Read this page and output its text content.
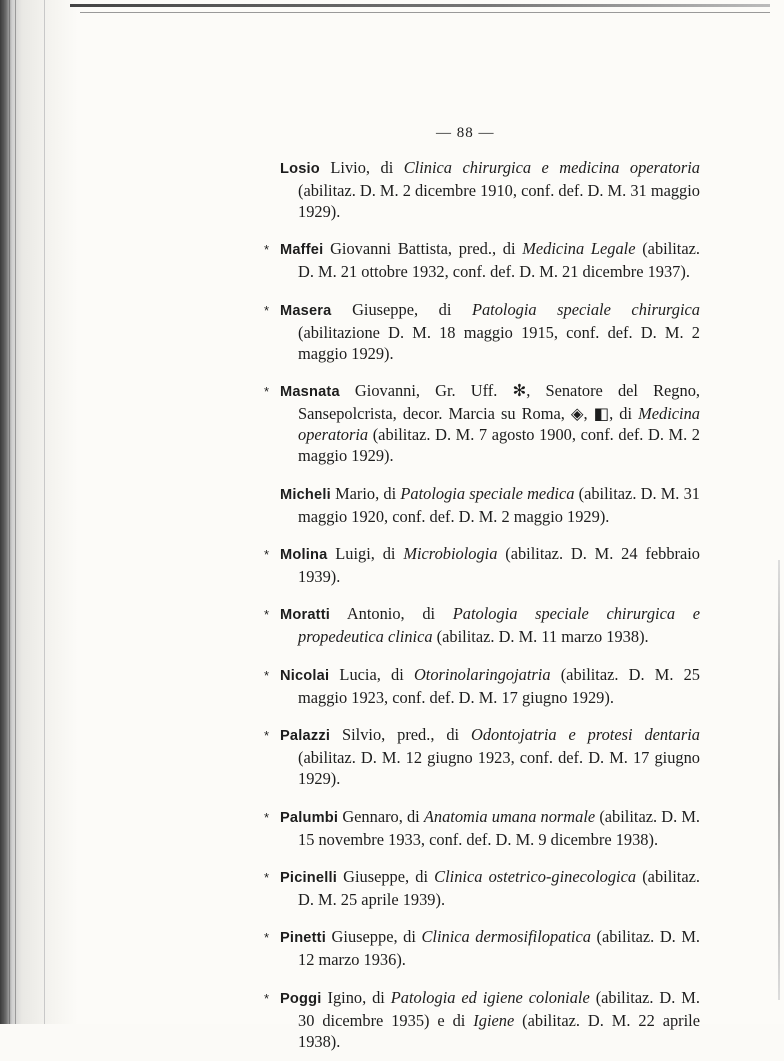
— 88 —

Losio Livio, di Clinica chirurgica e medicina operatoria (abilitaz. D. M. 2 dicembre 1910, conf. def. D. M. 31 maggio 1929).

* Maffei Giovanni Battista, pred., di Medicina Legale (abilitaz. D. M. 21 ottobre 1932, conf. def. D. M. 21 dicembre 1937).

* Masera Giuseppe, di Patologia speciale chirurgica (abilitazione D. M. 18 maggio 1915, conf. def. D. M. 2 maggio 1929).

* Masnata Giovanni, Gr. Uff. ✻, Senatore del Regno, Sansepolcrista, decor. Marcia su Roma, ◈, ◧, di Medicina operatoria (abilitaz. D. M. 7 agosto 1900, conf. def. D. M. 2 maggio 1929).

Micheli Mario, di Patologia speciale medica (abilitaz. D. M. 31 maggio 1920, conf. def. D. M. 2 maggio 1929).

* Molina Luigi, di Microbiologia (abilitaz. D. M. 24 febbraio 1939).

* Moratti Antonio, di Patologia speciale chirurgica e propedeutica clinica (abilitaz. D. M. 11 marzo 1938).

* Nicolai Lucia, di Otorinolaringojatria (abilitaz. D. M. 25 maggio 1923, conf. def. D. M. 17 giugno 1929).

* Palazzi Silvio, pred., di Odontojatria e protesi dentaria (abilitaz. D. M. 12 giugno 1923, conf. def. D. M. 17 giugno 1929).

* Palumbi Gennaro, di Anatomia umana normale (abilitaz. D. M. 15 novembre 1933, conf. def. D. M. 9 dicembre 1938).

* Picinelli Giuseppe, di Clinica ostetrico-ginecologica (abilitaz. D. M. 25 aprile 1939).

* Pinetti Giuseppe, di Clinica dermosifilopatica (abilitaz. D. M. 12 marzo 1936).

* Poggi Igino, di Patologia ed igiene coloniale (abilitaz. D. M. 30 dicembre 1935) e di Igiene (abilitaz. D. M. 22 aprile 1938).
